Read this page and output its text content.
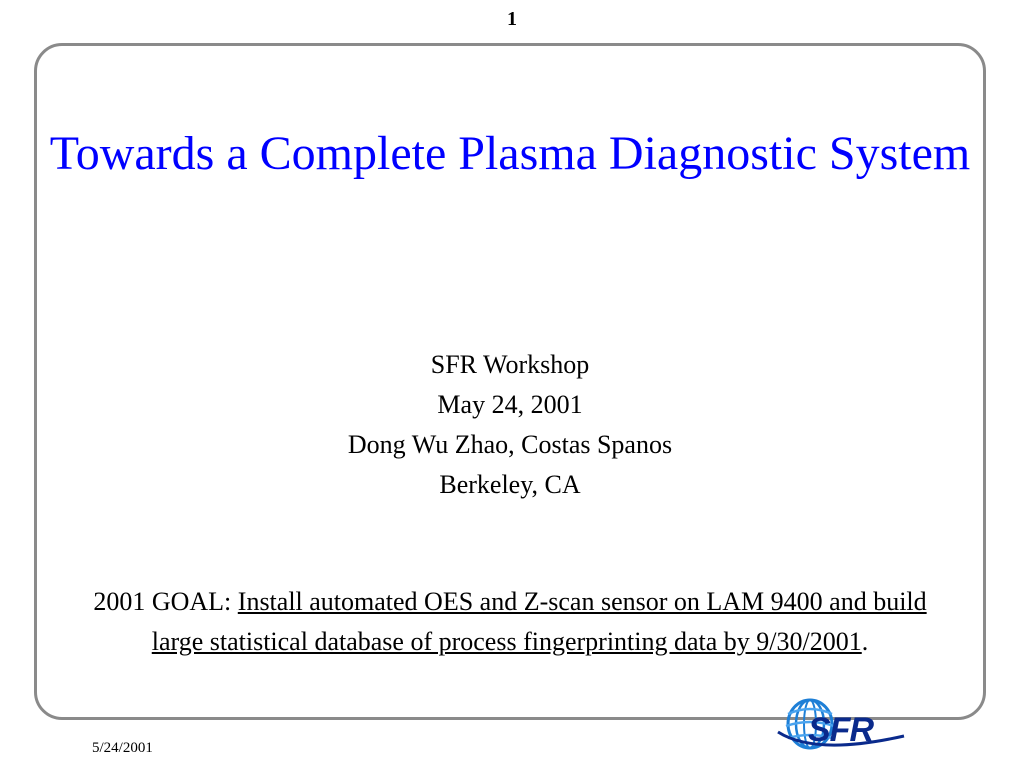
1
Towards a Complete Plasma Diagnostic System
SFR Workshop
May 24, 2001
Dong Wu Zhao, Costas Spanos
Berkeley, CA
2001 GOAL: Install automated OES and Z-scan sensor on LAM 9400 and build large statistical database of process fingerprinting data by 9/30/2001.
5/24/2001	SFR
